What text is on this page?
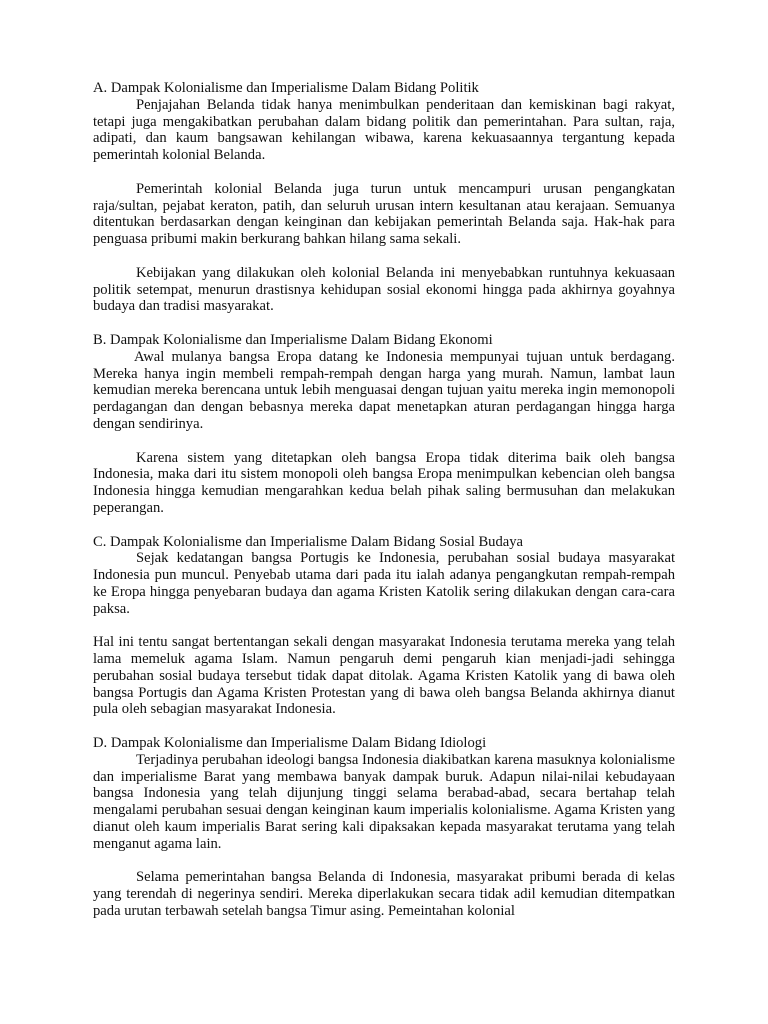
A. Dampak Kolonialisme dan Imperialisme Dalam Bidang Politik

Penjajahan Belanda tidak hanya menimbulkan penderitaan dan kemiskinan bagi rakyat, tetapi juga mengakibatkan perubahan dalam bidang politik dan pemerintahan. Para sultan, raja, adipati, dan kaum bangsawan kehilangan wibawa, karena kekuasaannya tergantung kepada pemerintah kolonial Belanda.

Pemerintah kolonial Belanda juga turun untuk mencampuri urusan pengangkatan raja/sultan, pejabat keraton, patih, dan seluruh urusan intern kesultanan atau kerajaan. Semuanya ditentukan berdasarkan dengan keinginan dan kebijakan pemerintah Belanda saja. Hak-hak para penguasa pribumi makin berkurang bahkan hilang sama sekali.

Kebijakan yang dilakukan oleh kolonial Belanda ini menyebabkan runtuhnya kekuasaan politik setempat, menurun drastisnya kehidupan sosial ekonomi hingga pada akhirnya goyahnya budaya dan tradisi masyarakat.

B. Dampak Kolonialisme dan Imperialisme Dalam Bidang Ekonomi

Awal mulanya bangsa Eropa datang ke Indonesia mempunyai tujuan untuk berdagang. Mereka hanya ingin membeli rempah-rempah dengan harga yang murah. Namun, lambat laun kemudian mereka berencana untuk lebih menguasai dengan tujuan yaitu mereka ingin memonopoli perdagangan dan dengan bebasnya mereka dapat menetapkan aturan perdagangan hingga harga dengan sendirinya.

Karena sistem yang ditetapkan oleh bangsa Eropa tidak diterima baik oleh bangsa Indonesia, maka dari itu sistem monopoli oleh bangsa Eropa menimpulkan kebencian oleh bangsa Indonesia hingga kemudian mengarahkan kedua belah pihak saling bermusuhan dan melakukan peperangan.

C. Dampak Kolonialisme dan Imperialisme Dalam Bidang Sosial Budaya

Sejak kedatangan bangsa Portugis ke Indonesia, perubahan sosial budaya masyarakat Indonesia pun muncul. Penyebab utama dari pada itu ialah adanya pengangkutan rempah-rempah ke Eropa hingga penyebaran budaya dan agama Kristen Katolik sering dilakukan dengan cara-cara paksa.

Hal ini tentu sangat bertentangan sekali dengan masyarakat Indonesia terutama mereka yang telah lama memeluk agama Islam. Namun pengaruh demi pengaruh kian menjadi-jadi sehingga perubahan sosial budaya tersebut tidak dapat ditolak. Agama Kristen Katolik yang di bawa oleh bangsa Portugis dan Agama Kristen Protestan yang di bawa oleh bangsa Belanda akhirnya dianut pula oleh sebagian masyarakat Indonesia.

D. Dampak Kolonialisme dan Imperialisme Dalam Bidang Idiologi

Terjadinya perubahan ideologi bangsa Indonesia diakibatkan karena masuknya kolonialisme dan imperialisme Barat yang membawa banyak dampak buruk. Adapun nilai-nilai kebudayaan bangsa Indonesia yang telah dijunjung tinggi selama berabad-abad, secara bertahap telah mengalami perubahan sesuai dengan keinginan kaum imperialis kolonialisme. Agama Kristen yang dianut oleh kaum imperialis Barat sering kali dipaksakan kepada masyarakat terutama yang telah menganut agama lain.

Selama pemerintahan bangsa Belanda di Indonesia, masyarakat pribumi berada di kelas yang terendah di negerinya sendiri. Mereka diperlakukan secara tidak adil kemudian ditempatkan pada urutan terbawah setelah bangsa Timur asing. Pemeintahan kolonial
